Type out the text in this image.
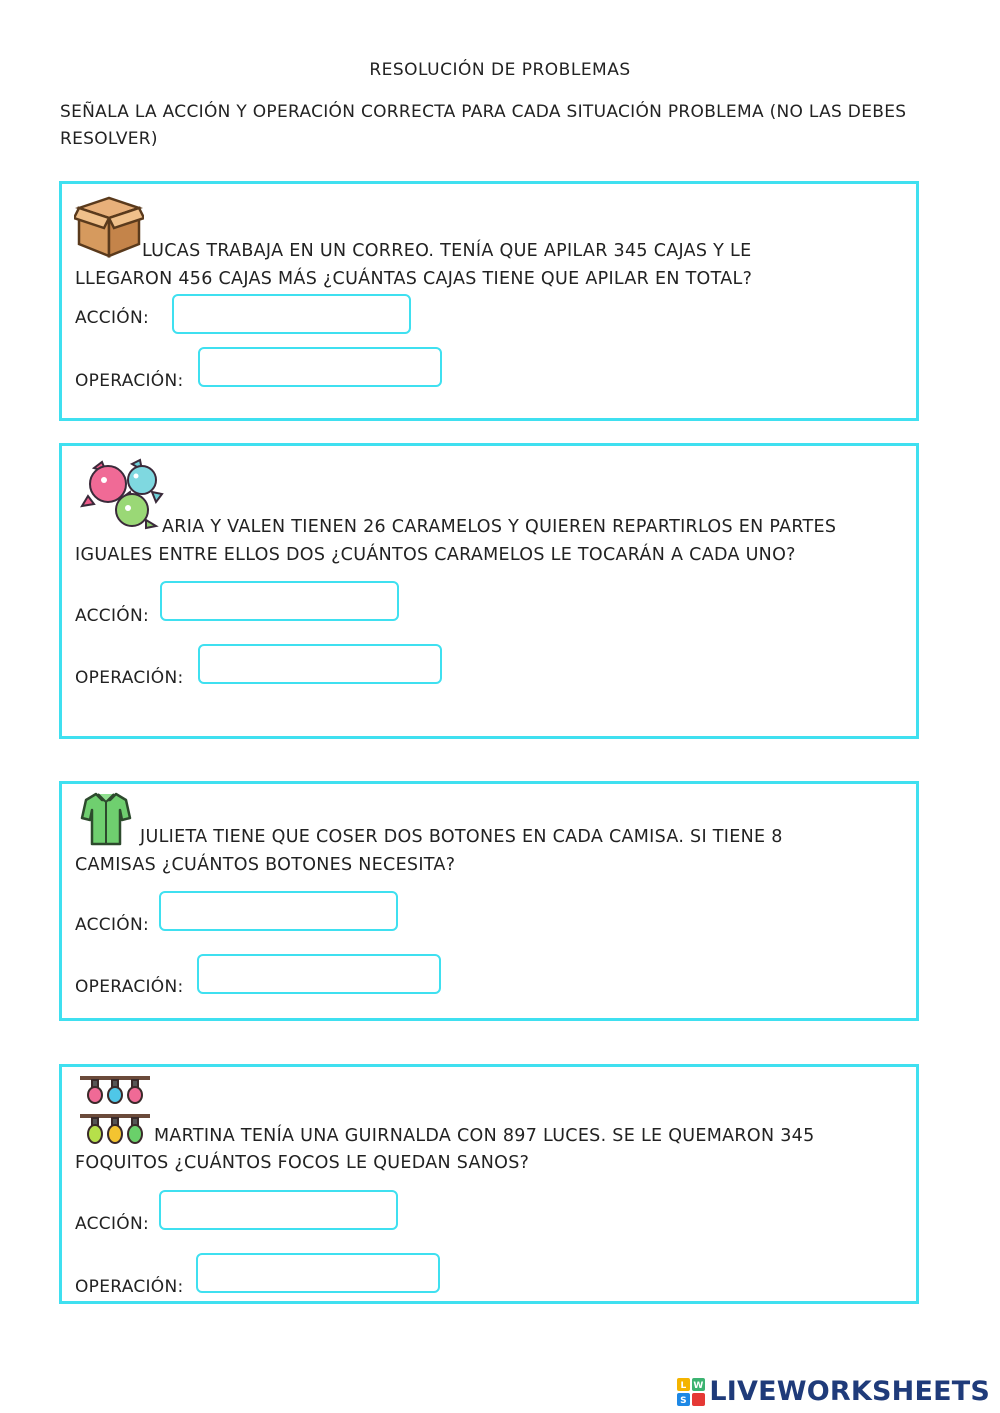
RESOLUCIÓN DE PROBLEMAS
SEÑALA LA ACCIÓN Y OPERACIÓN CORRECTA PARA CADA SITUACIÓN PROBLEMA (NO LAS DEBES RESOLVER)
LUCAS TRABAJA EN UN CORREO. TENÍA QUE APILAR 345 CAJAS Y LE
LLEGARON 456 CAJAS MÁS ¿CUÁNTAS CAJAS TIENE QUE APILAR EN TOTAL?
ACCIÓN:
OPERACIÓN:
ARIA Y VALEN TIENEN 26 CARAMELOS Y QUIEREN REPARTIRLOS EN PARTES
IGUALES ENTRE ELLOS DOS ¿CUÁNTOS CARAMELOS LE TOCARÁN A CADA UNO?
ACCIÓN:
OPERACIÓN:
JULIETA TIENE QUE COSER DOS BOTONES EN CADA CAMISA. SI TIENE 8
CAMISAS ¿CUÁNTOS BOTONES NECESITA?
ACCIÓN:
OPERACIÓN:
MARTINA TENÍA UNA GUIRNALDA CON 897 LUCES. SE LE QUEMARON 345
FOQUITOS ¿CUÁNTOS FOCOS LE QUEDAN SANOS?
ACCIÓN:
OPERACIÓN:
L W
S LIVEWORKSHEETS
